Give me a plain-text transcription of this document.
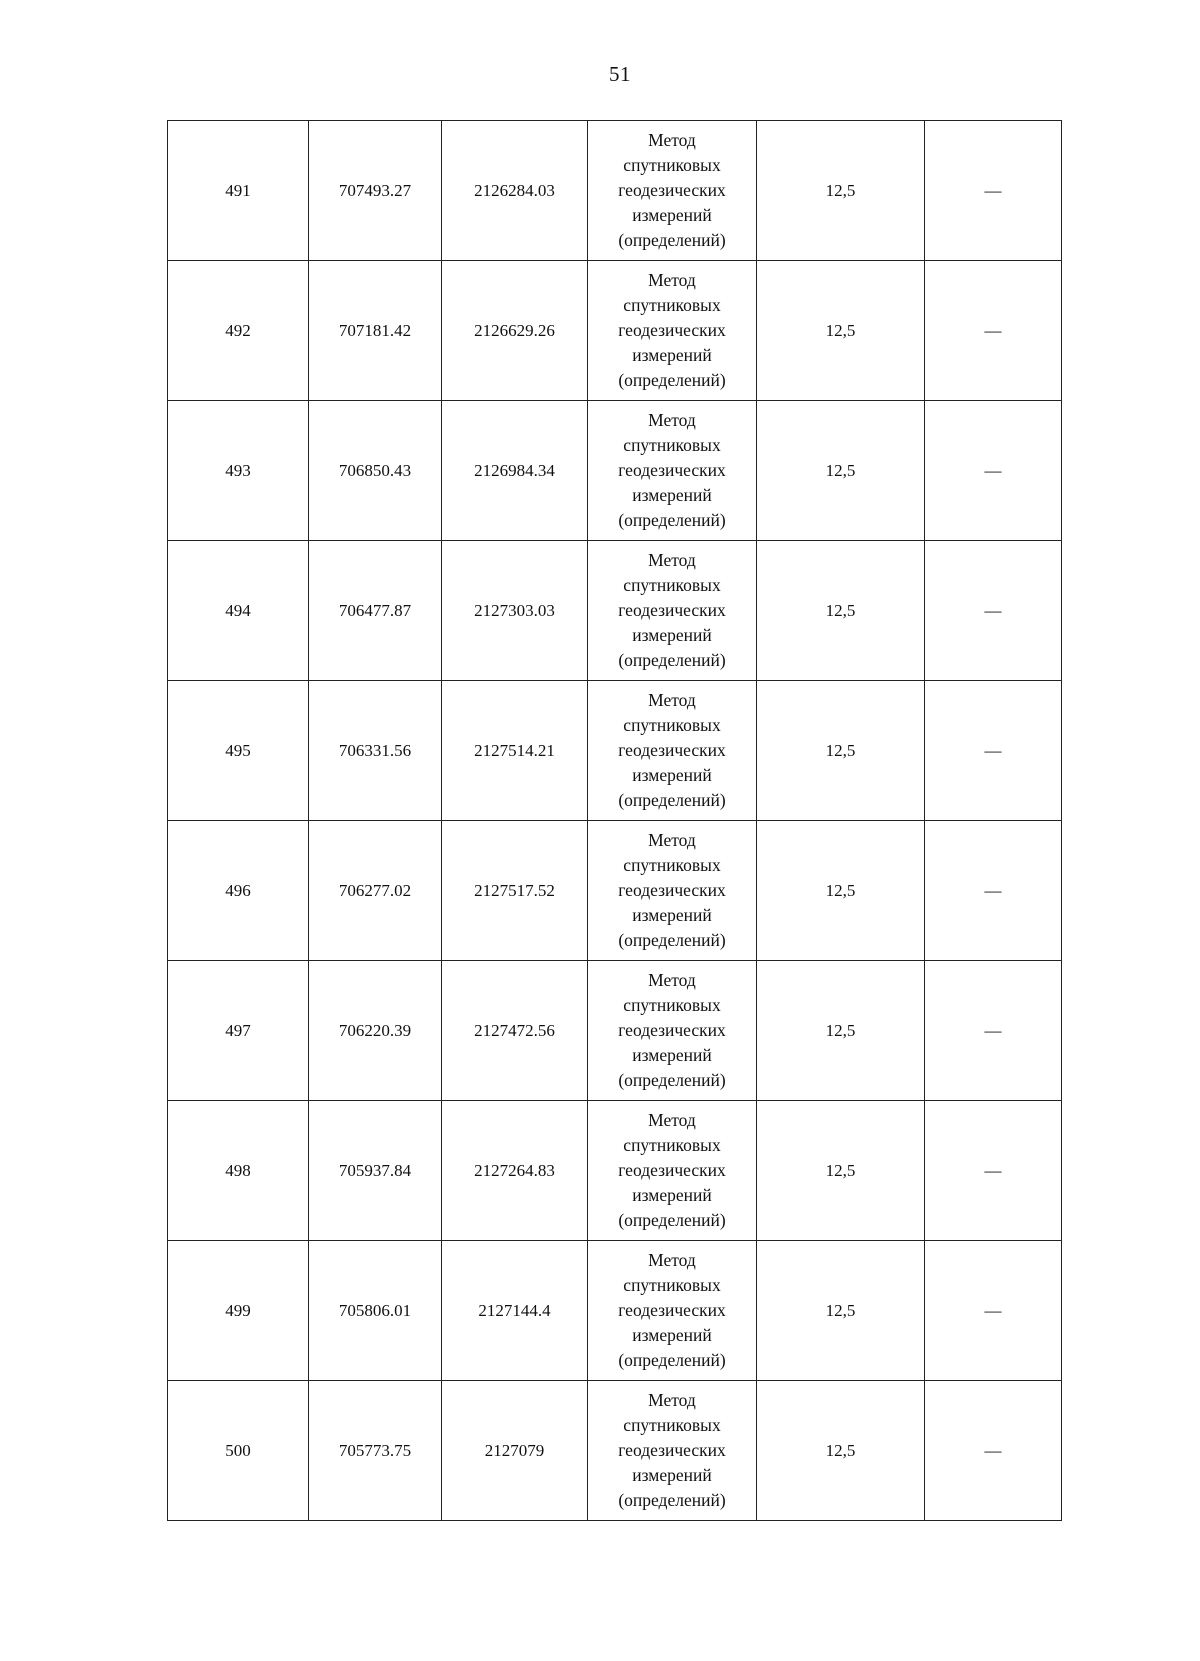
51
491	707493.27	2126284.03	Метод
спутниковых
геодезических
измерений
(определений)	12,5	—
492	707181.42	2126629.26	Метод
спутниковых
геодезических
измерений
(определений)	12,5	—
493	706850.43	2126984.34	Метод
спутниковых
геодезических
измерений
(определений)	12,5	—
494	706477.87	2127303.03	Метод
спутниковых
геодезических
измерений
(определений)	12,5	—
495	706331.56	2127514.21	Метод
спутниковых
геодезических
измерений
(определений)	12,5	—
496	706277.02	2127517.52	Метод
спутниковых
геодезических
измерений
(определений)	12,5	—
497	706220.39	2127472.56	Метод
спутниковых
геодезических
измерений
(определений)	12,5	—
498	705937.84	2127264.83	Метод
спутниковых
геодезических
измерений
(определений)	12,5	—
499	705806.01	2127144.4	Метод
спутниковых
геодезических
измерений
(определений)	12,5	—
500	705773.75	2127079	Метод
спутниковых
геодезических
измерений
(определений)	12,5	—
